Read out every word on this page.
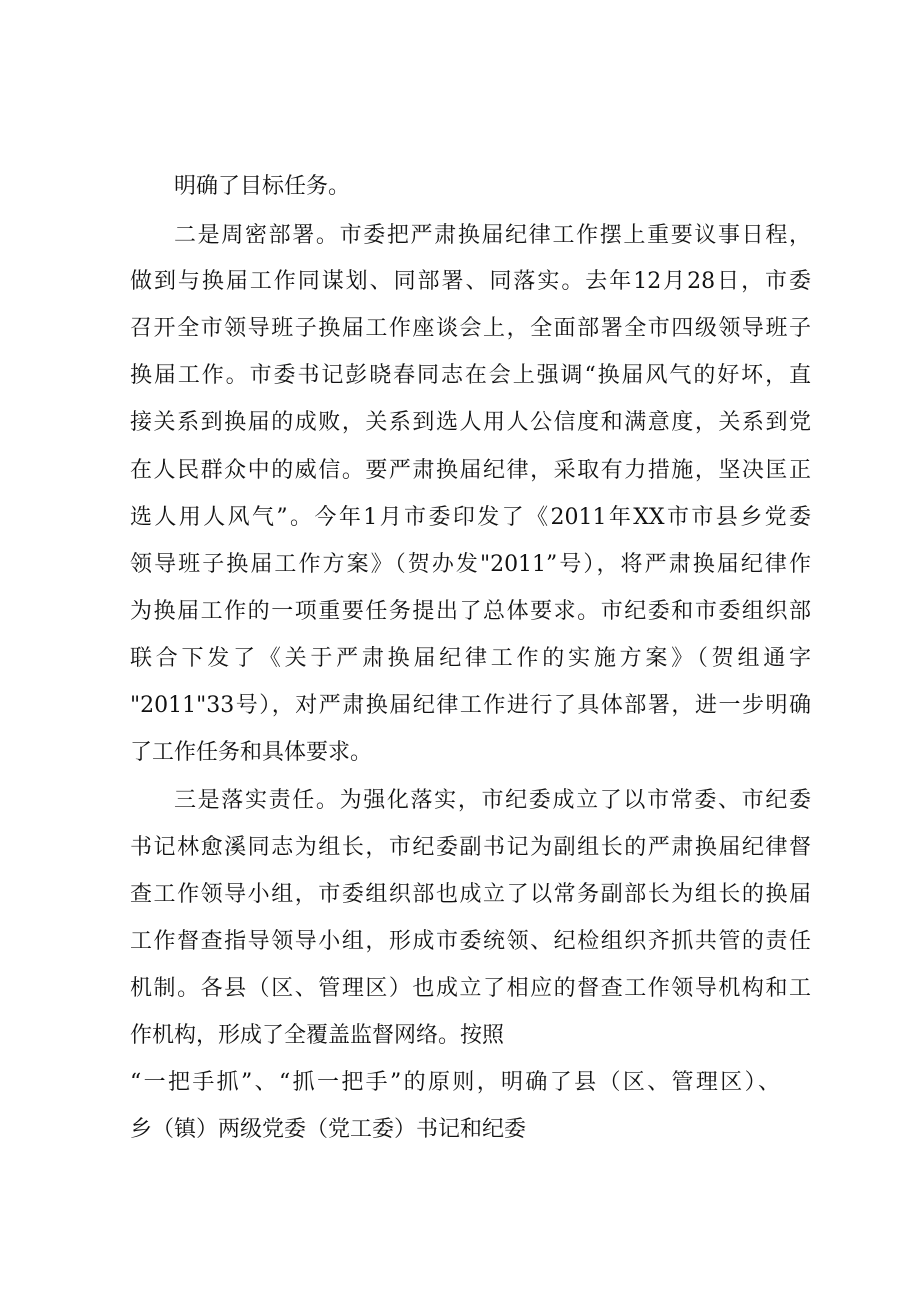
明确了目标任务。
二是周密部署。市委把严肃换届纪律工作摆上重要议事日程，
做到与换届工作同谋划、同部署、同落实。去年12月28日，市委
召开全市领导班子换届工作座谈会上，全面部署全市四级领导班子
换届工作。市委书记彭晓春同志在会上强调“换届风气的好坏，直
接关系到换届的成败，关系到选人用人公信度和满意度，关系到党
在人民群众中的威信。要严肃换届纪律，采取有力措施，坚决匡正
选人用人风气”。今年1月市委印发了《2011年XX市市县乡党委
领导班子换届工作方案》（贺办发"2011”号），将严肃换届纪律作
为换届工作的一项重要任务提出了总体要求。市纪委和市委组织部
联合下发了《关于严肃换届纪律工作的实施方案》（贺组通字
"2011"33号），对严肃换届纪律工作进行了具体部署，进一步明确
了工作任务和具体要求。
三是落实责任。为强化落实，市纪委成立了以市常委、市纪委
书记林愈溪同志为组长，市纪委副书记为副组长的严肃换届纪律督
查工作领导小组，市委组织部也成立了以常务副部长为组长的换届
工作督查指导领导小组，形成市委统领、纪检组织齐抓共管的责任
机制。各县（区、管理区）也成立了相应的督查工作领导机构和工
作机构，形成了全覆盖监督网络。按照
“一把手抓”、“抓一把手”的原则，明确了县（区、管理区）、
乡（镇）两级党委（党工委）书记和纪委
